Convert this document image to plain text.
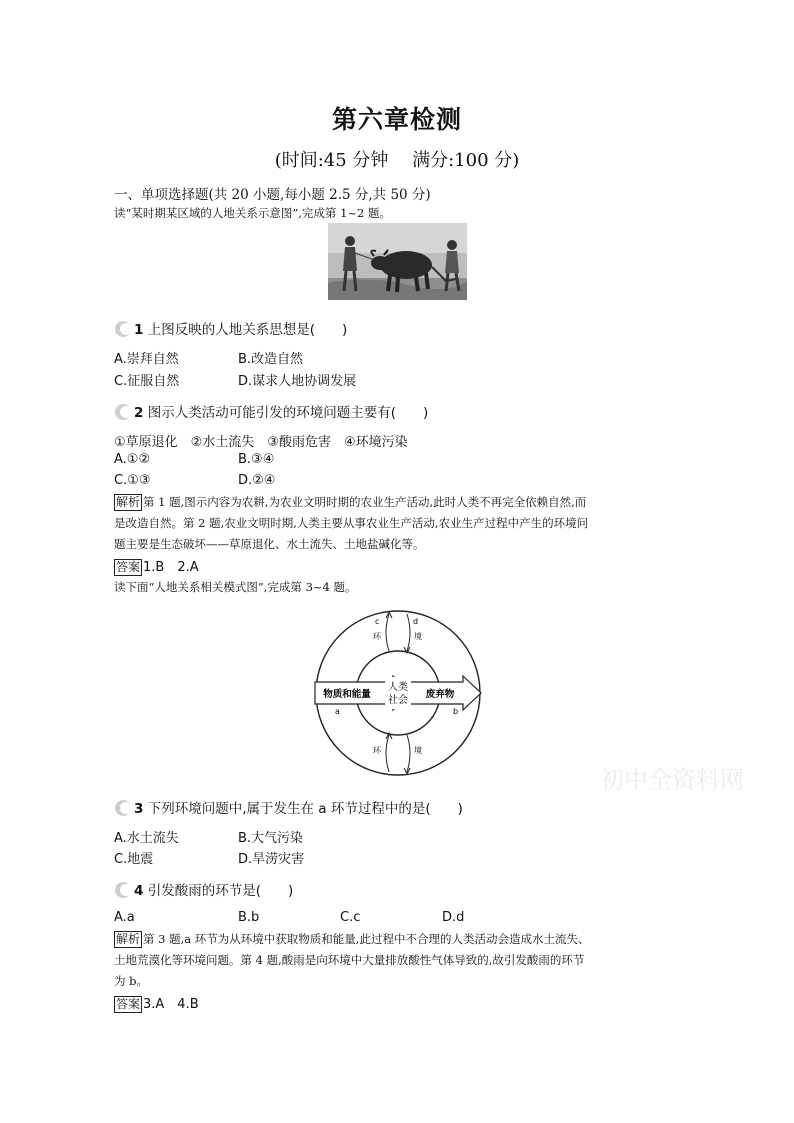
第六章检测
(时间:45 分钟　 满分:100 分)
一、单项选择题(共 20 小题,每小题 2.5 分,共 50 分)
读“某时期某区域的人地关系示意图”,完成第 1~2 题。
1 上图反映的人地关系思想是(　　)
A.崇拜自然	B.改造自然
C.征服自然	D.谋求人地协调发展
2 图示人类活动可能引发的环境问题主要有(　　)
①草原退化　②水土流失　③酸雨危害　④环境污染
A.①②	B.③④
C.①③	D.②④
解析 第 1 题,图示内容为农耕,为农业文明时期的农业生产活动,此时人类不再完全依赖自然,而
是改造自然。第 2 题,农业文明时期,人类主要从事农业生产活动,农业生产过程中产生的环境问
题主要是生态破坏——草原退化、水土流失、土地盐碱化等。
答案 1.B　2.A
读下面“人地关系相关模式图”,完成第 3~4 题。
人类
社会
物质和能量	废弃物
a	b
c	d
环	境
环	境
初中全资料网
3 下列环境问题中,属于发生在 a 环节过程中的是(　　)
A.水土流失	B.大气污染
C.地震	D.旱涝灾害
4 引发酸雨的环节是(　　)
A.a	B.b	C.c	D.d
解析 第 3 题,a 环节为从环境中获取物质和能量,此过程中不合理的人类活动会造成水土流失、
土地荒漠化等环境问题。第 4 题,酸雨是向环境中大量排放酸性气体导致的,故引发酸雨的环节
为 b。
答案 3.A　4.B
